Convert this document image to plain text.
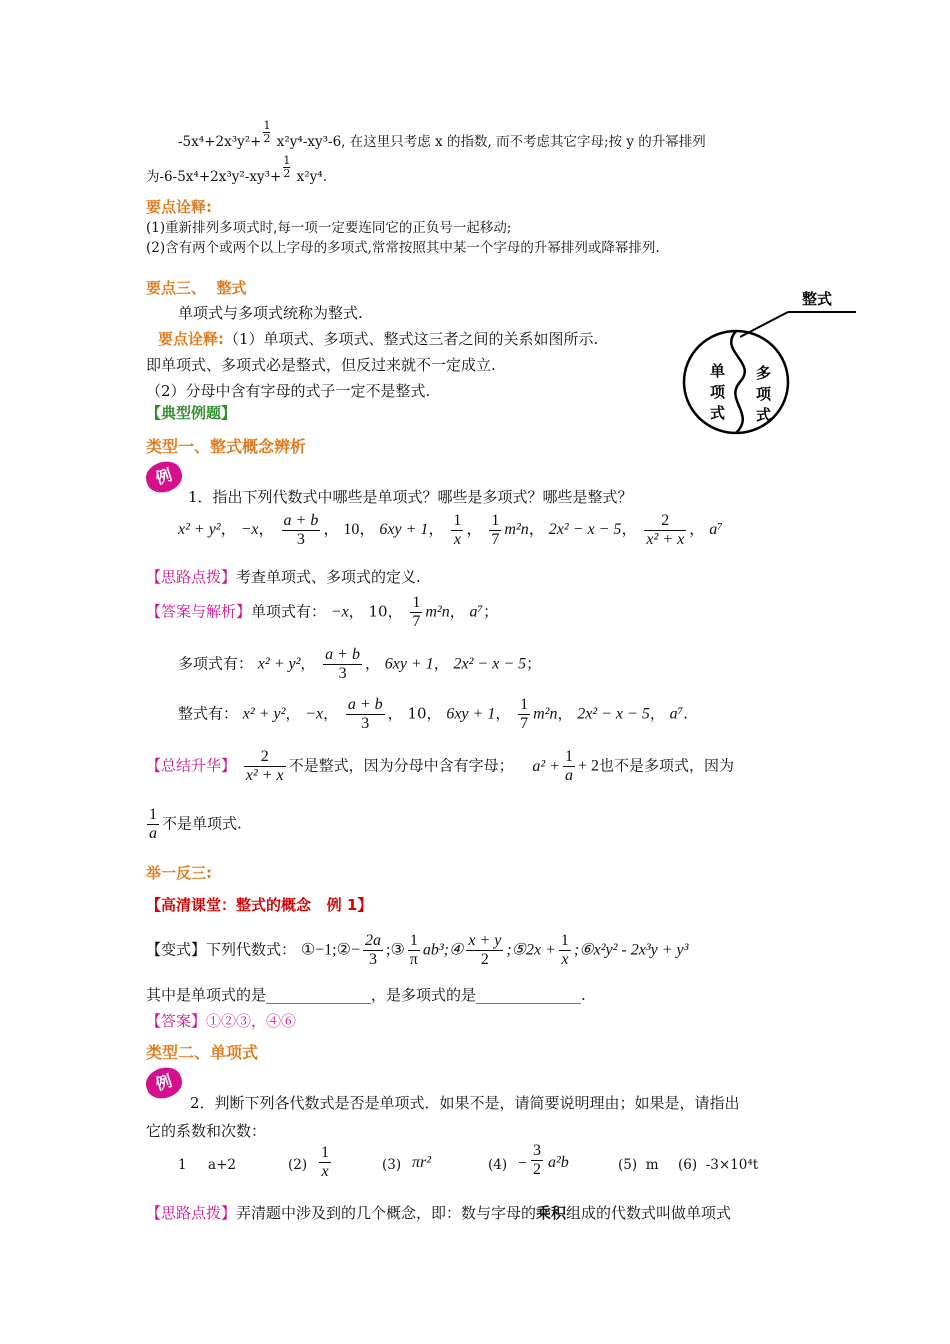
$-5x^4+2x^3y^2+ \frac{1}{2} x^2y^4-xy^3-6$, 在这里只考虑 x 的指数, 而不考虑其它字母;按 y 的升幂排列
为$-6-5x^4+2x^3y^2-xy^3+ \frac{1}{2} x^2y^4$.
要点诠释:
(1)重新排列多项式时,每一项一定要连同它的正负号一起移动;
(2)含有两个或两个以上字母的多项式,常常按照其中某一个字母的升幂排列或降幂排列.
要点三、  整式
单项式与多项式统称为整式.
要点诠释:（1）单项式、多项式、整式这三者之间的关系如图所示.
即单项式、多项式必是整式，但反过来就不一定成立.
（2）分母中含有字母的式子一定不是整式.
整式
单
项
式
多
项
式
【典型例题】
类型一、整式概念辨析
例
1．指出下列代数式中哪些是单项式？哪些是多项式？哪些是整式？
x² + y²， −x， $\frac{a + b}{3}$ ， 10， 6xy + 1， $\frac{1}{x}$ ， $\frac{1}{7} m^2n$， 2x² − x − 5， $\frac{2}{\text{x² + x}}$ ， a⁷
【思路点拨】考查单项式、多项式的定义.
【答案与解析】单项式有： −x， 10， $\frac{1}{7} m^2n$， a⁷；
多项式有： x² + y²， $\frac{a + b}{3}$ ， 6xy + 1， 2x² − x − 5；
整式有： x² + y²， −x， $\frac{a + b}{3}$ ， 10， 6xy + 1， $\frac{1}{7} m^2n$， 2x² − x − 5， a⁷.
【总结升华】 $\frac{2}{\text{x² + x}}$ 不是整式，因为分母中含有字母； $a^2 + \frac{1}{a} + 2$也不是多项式，因为
$\frac{1}{a}$ 不是单项式.
举一反三:
【高清课堂：整式的概念   例 1】
【变式】下列代数式： ①−1;②− $\frac{2a}{3}$ ;③ $\frac{1}{\pi}$ ab³;④ $\frac{x + y}{2}$ ;⑤2x + $\frac{1}{x}$ ;⑥x²y² - 2x³y + y³
其中是单项式的是______________，是多项式的是______________.
【答案】①②③，④⑥
类型二、单项式
例
2．判断下列各代数式是否是单项式．如果不是，请简要说明理由；如果是，请指出
它的系数和次数：
1     a+2	$(2) \frac{1}{x}$	(3) πr²	$(4) - \frac{3}{2} a^2b$	(5)  m (6)  -3×10⁴t
【思路点拨】弄清题中涉及到的几个概念，即：数与字母的乘积组成的代数式叫做单项式
